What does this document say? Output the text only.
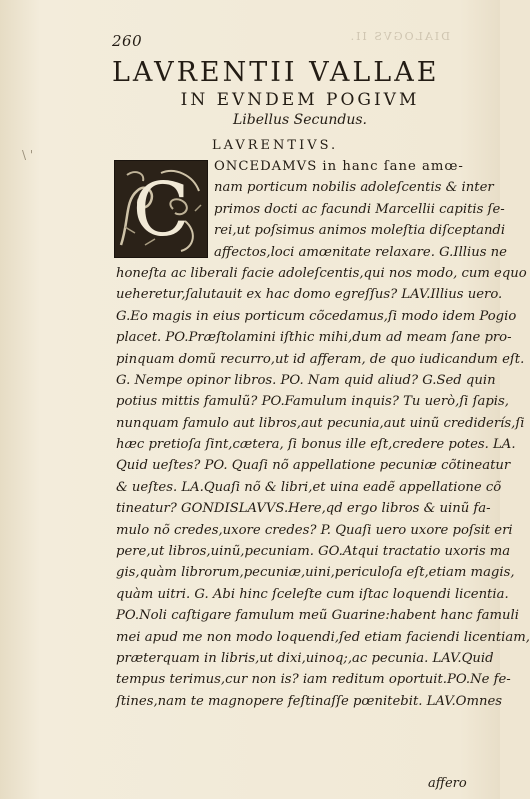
260	DIALOGVS II.
LAVRENTII VALLAE
IN EVNDEM POGIVM
Libellus Secundus.
LAVRENTIVS.
\ '
C
ONCEDAMVS in hanc ſane amœ-
nam porticum nobilis adoleſcentis & inter
primos docti ac facundi Marcellii capitis ſe-
rei,ut poſsimus animos moleſtia diſceptandi
affectos,loci amœnitate relaxare. G.Illius ne
honeſta ac liberali facie adoleſcentis,qui nos modo, cum equo
ueheretur,ſalutauit ex hac domo egreſſus? LAV.Illius uero.
G.Eo magis in eius porticum cõcedamus,ſi modo idem Pogio
placet. PO.Præſtolamini iſthic mihi,dum ad meam ſane pro-
pinquam domũ recurro,ut id afferam, de quo iudicandum eſt.
G. Nempe opinor libros. PO. Nam quid aliud? G.Sed quin
potius mittis famulũ? PO.Famulum inquis? Tu uerò,ſi ſapis,
nunquam famulo aut libros,aut pecunia,aut uinũ crediderís,ſi
hæc pretioſa ſint,cætera, ſi bonus ille eſt,credere potes. LA.
Quid ueſtes? PO. Quaſi nõ appellatione pecuniæ cõtineatur
& ueſtes. LA.Quaſi nõ & libri,et uina eadẽ appellatione cõ
tineatur? GONDISLAVVS.Here,qd ergo libros & uinũ fa-
mulo nõ credes,uxore credes? P. Quaſi uero uxore poſsit eri
pere,ut libros,uinũ,pecuniam. GO.Atqui tractatio uxoris ma
gis,quàm librorum,pecuniæ,uini,periculoſa eſt,etiam magis,
quàm uitri. G. Abi hinc ſceleſte cum iſtac loquendi licentia.
PO.Noli caſtigare famulum meũ Guarine:habent hanc famuli
mei apud me non modo loquendi,ſed etiam faciendi licentiam,
præterquam in libris,ut dixi,uinoq;,ac pecunia. LAV.Quid
tempus terimus,cur non is? iam reditum oportuit.PO.Ne fe-
ſtines,nam te magnopere feſtinaſſe pœnitebit. LAV.Omnes
affero
